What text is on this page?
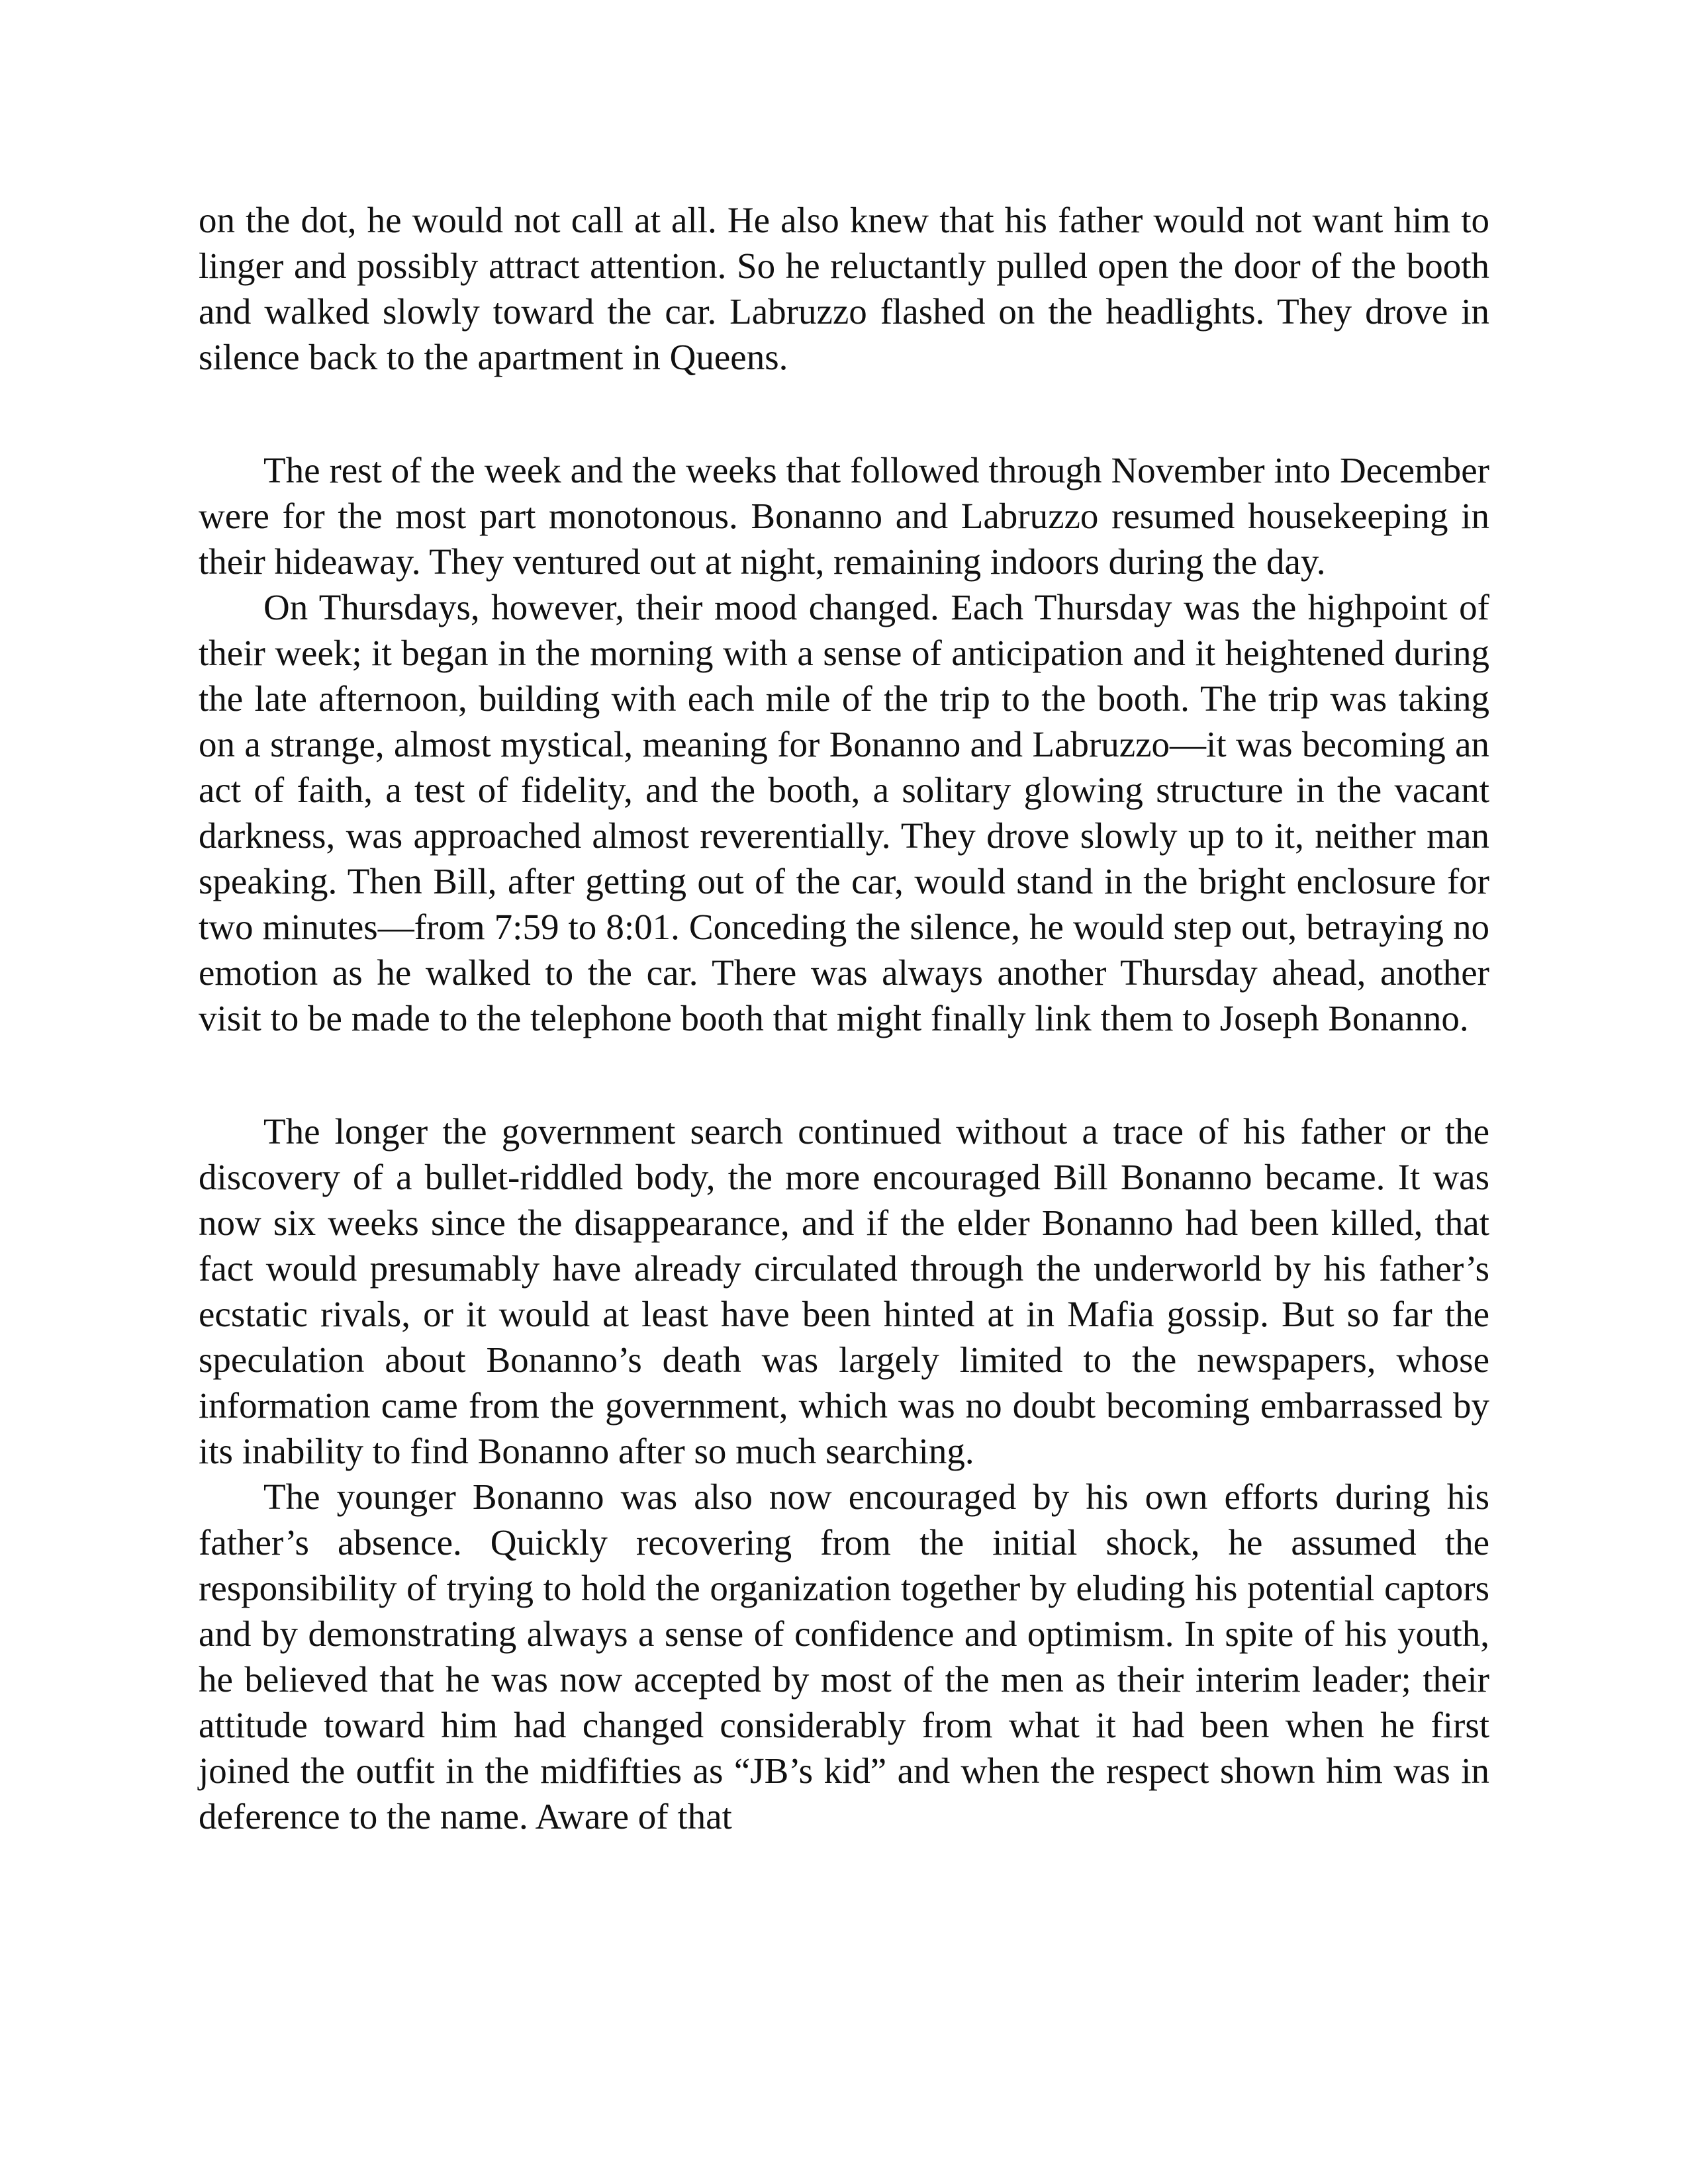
on the dot, he would not call at all. He also knew that his father would not want him to linger and possibly attract attention. So he reluctantly pulled open the door of the booth and walked slowly toward the car. Labruzzo flashed on the headlights. They drove in silence back to the apartment in Queens.

The rest of the week and the weeks that followed through November into December were for the most part monotonous. Bonanno and Labruzzo resumed housekeeping in their hideaway. They ventured out at night, remaining indoors during the day.

On Thursdays, however, their mood changed. Each Thursday was the highpoint of their week; it began in the morning with a sense of anticipation and it heightened during the late afternoon, building with each mile of the trip to the booth. The trip was taking on a strange, almost mystical, meaning for Bonanno and Labruzzo—it was becoming an act of faith, a test of fidelity, and the booth, a solitary glowing structure in the vacant darkness, was approached almost reverentially. They drove slowly up to it, neither man speaking. Then Bill, after getting out of the car, would stand in the bright enclosure for two minutes—from 7:59 to 8:01. Conceding the silence, he would step out, betraying no emotion as he walked to the car. There was always another Thursday ahead, another visit to be made to the telephone booth that might finally link them to Joseph Bonanno.

The longer the government search continued without a trace of his father or the discovery of a bullet-riddled body, the more encouraged Bill Bonanno became. It was now six weeks since the disappearance, and if the elder Bonanno had been killed, that fact would presumably have already circulated through the underworld by his father’s ecstatic rivals, or it would at least have been hinted at in Mafia gossip. But so far the speculation about Bonanno’s death was largely limited to the newspapers, whose information came from the government, which was no doubt becoming embarrassed by its inability to find Bonanno after so much searching.

The younger Bonanno was also now encouraged by his own efforts during his father’s absence. Quickly recovering from the initial shock, he assumed the responsibility of trying to hold the organization together by eluding his potential captors and by demonstrating always a sense of confidence and optimism. In spite of his youth, he believed that he was now accepted by most of the men as their interim leader; their attitude toward him had changed considerably from what it had been when he first joined the outfit in the midfifties as “JB’s kid” and when the respect shown him was in deference to the name. Aware of that
